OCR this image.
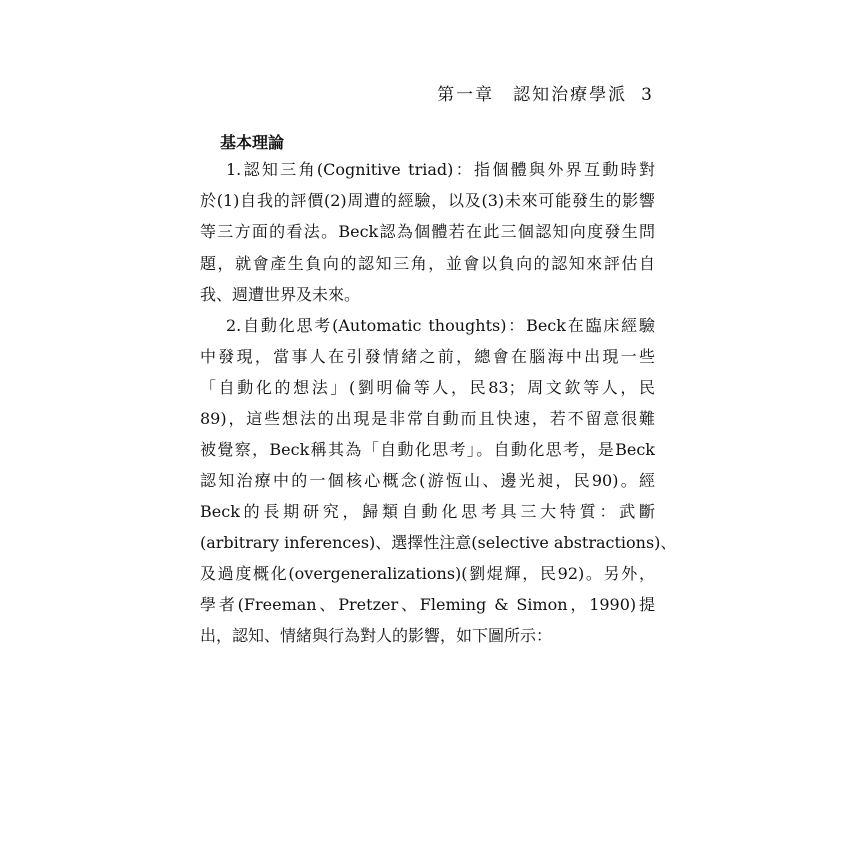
第一章　認知治療學派 3
基本理論
1.認知三角(Cognitive triad)：指個體與外界互動時對
於(1)自我的評價(2)周遭的經驗，以及(3)未來可能發生的影響
等三方面的看法。Beck認為個體若在此三個認知向度發生問
題，就會產生負向的認知三角，並會以負向的認知來評估自
我、週遭世界及未來。
2.自動化思考(Automatic thoughts)：Beck在臨床經驗
中發現，當事人在引發情緒之前，總會在腦海中出現一些
「自動化的想法」(劉明倫等人，民83；周文欽等人，民
89)，這些想法的出現是非常自動而且快速，若不留意很難
被覺察，Beck稱其為「自動化思考」。自動化思考，是Beck
認知治療中的一個核心概念(游恆山、邊光昶，民90)。經
Beck的長期研究，歸類自動化思考具三大特質：武斷
(arbitrary inferences)、選擇性注意(selective abstractions)、
及過度概化(overgeneralizations)(劉焜輝，民92)。另外，
學者(Freeman、Pretzer、Fleming & Simon，1990)提
出，認知、情緒與行為對人的影響，如下圖所示：
